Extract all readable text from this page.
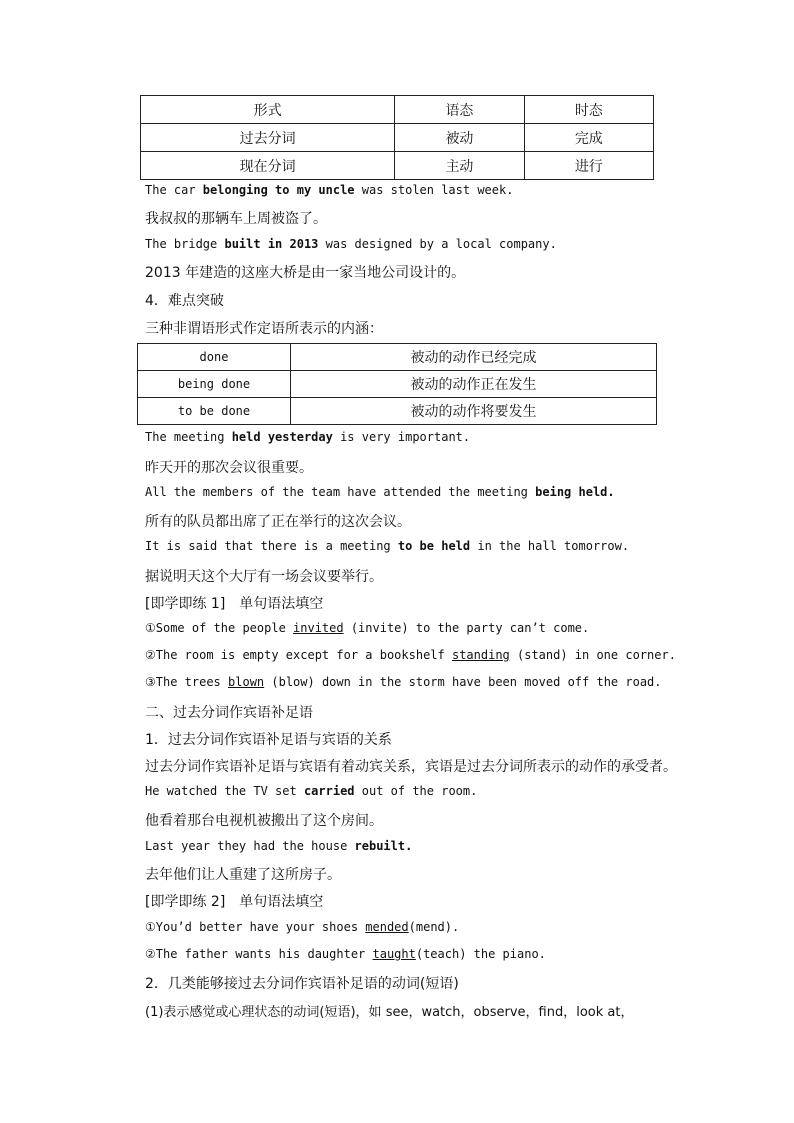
形式	语态	时态
过去分词	被动	完成
现在分词	主动	进行
The car belonging to my uncle was stolen last week.
我叔叔的那辆车上周被盗了。
The bridge built in 2013 was designed by a local company.
2013 年建造的这座大桥是由一家当地公司设计的。
4．难点突破
三种非谓语形式作定语所表示的内涵：
done	被动的动作已经完成
being done	被动的动作正在发生
to be done	被动的动作将要发生
The meeting held yesterday is very important.
昨天开的那次会议很重要。
All the members of the team have attended the meeting being held.
所有的队员都出席了正在举行的这次会议。
It is said that there is a meeting to be held in the hall tomorrow.
据说明天这个大厅有一场会议要举行。
[即学即练 1]　单句语法填空
①Some of the people invited (invite) to the party can’t come.
②The room is empty except for a bookshelf standing (stand) in one corner.
③The trees blown (blow) down in the storm have been moved off the road.
二、过去分词作宾语补足语
1．过去分词作宾语补足语与宾语的关系
过去分词作宾语补足语与宾语有着动宾关系，宾语是过去分词所表示的动作的承受者。
He watched the TV set carried out of the room.
他看着那台电视机被搬出了这个房间。
Last year they had the house rebuilt.
去年他们让人重建了这所房子。
[即学即练 2]　单句语法填空
①You’d better have your shoes mended(mend).
②The father wants his daughter taught(teach) the piano.
2．几类能够接过去分词作宾语补足语的动词(短语)
(1)表示感觉或心理状态的动词(短语)，如 see，watch，observe，find，look at，
